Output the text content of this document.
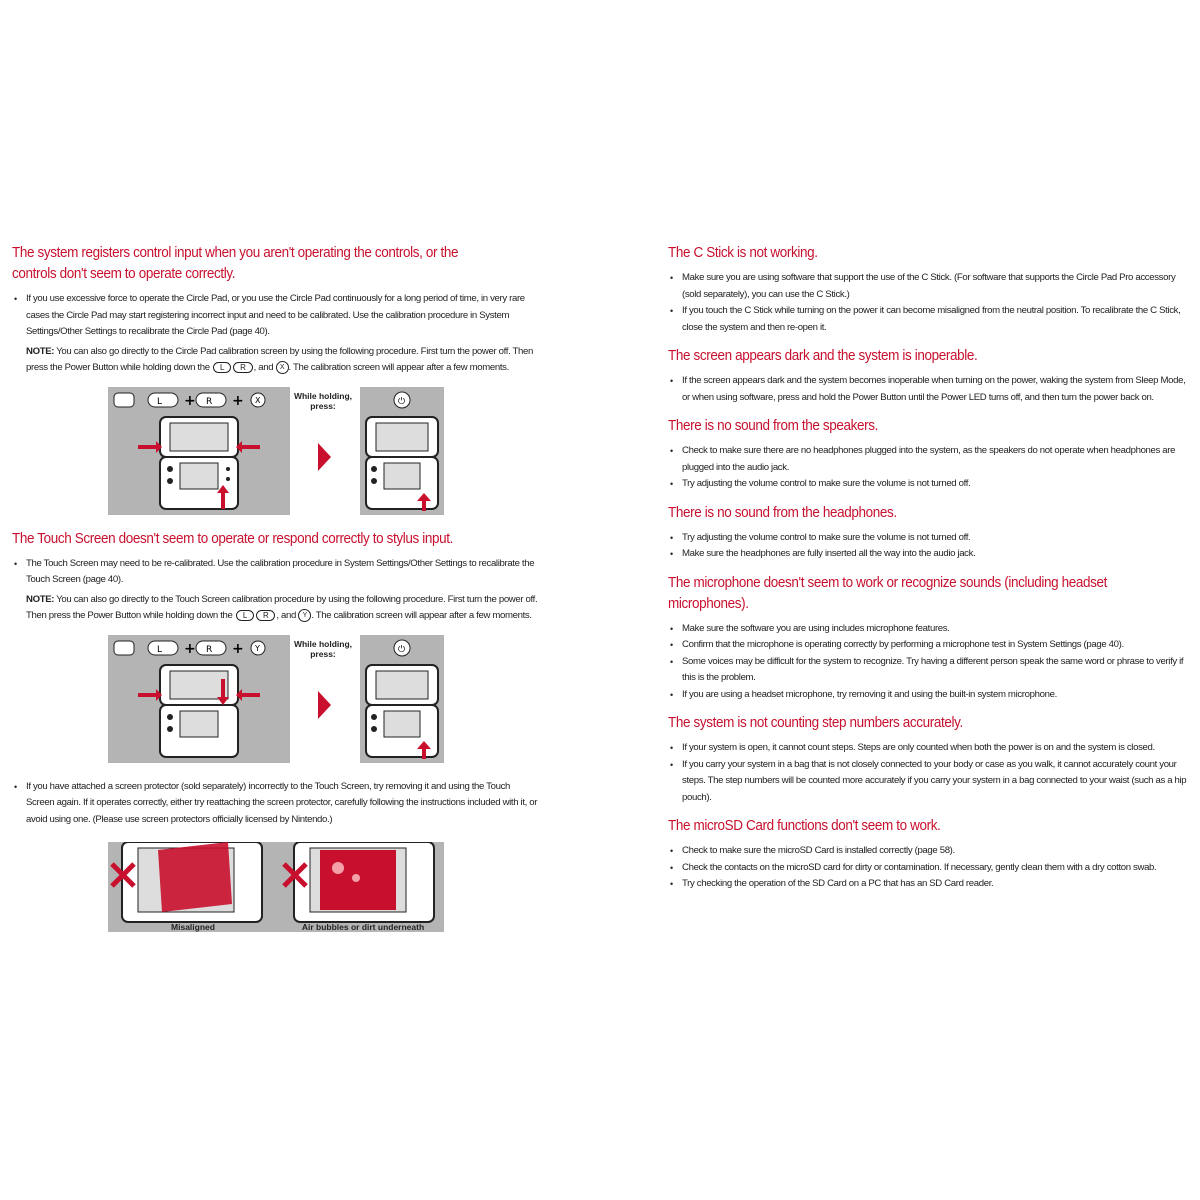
The system registers control input when you aren't operating the controls, or the controls don't seem to operate correctly.
• If you use excessive force to operate the Circle Pad, or you use the Circle Pad continuously for a long period of time, in very rare cases the Circle Pad may start registering incorrect input and need to be calibrated. Use the calibration procedure in System Settings/Other Settings to recalibrate the Circle Pad (page 40).
NOTE: You can also go directly to the Circle Pad calibration screen by using the following procedure. First turn the power off. Then press the Power Button while holding down the L R , and X . The calibration screen will appear after a few moments.
L + R + X	While holding, press:	⏻
The Touch Screen doesn't seem to operate or respond correctly to stylus input.
• The Touch Screen may need to be re-calibrated. Use the calibration procedure in System Settings/Other Settings to recalibrate the Touch Screen (page 40).
NOTE: You can also go directly to the Touch Screen calibration procedure by using the following procedure. First turn the power off. Then press the Power Button while holding down the L R , and Y . The calibration screen will appear after a few moments.
L + R + Y	While holding, press:	⏻
• If you have attached a screen protector (sold separately) incorrectly to the Touch Screen, try removing it and using the Touch Screen again. If it operates correctly, either try reattaching the screen protector, carefully following the instructions included with it, or avoid using one. (Please use screen protectors officially licensed by Nintendo.)
Misaligned	Air bubbles or dirt underneath
The C Stick is not working.
• Make sure you are using software that support the use of the C Stick. (For software that supports the Circle Pad Pro accessory (sold separately), you can use the C Stick.)
• If you touch the C Stick while turning on the power it can become misaligned from the neutral position. To recalibrate the C Stick, close the system and then re-open it.
The screen appears dark and the system is inoperable.
• If the screen appears dark and the system becomes inoperable when turning on the power, waking the system from Sleep Mode, or when using software, press and hold the Power Button until the Power LED turns off, and then turn the power back on.
There is no sound from the speakers.
• Check to make sure there are no headphones plugged into the system, as the speakers do not operate when headphones are plugged into the audio jack.
• Try adjusting the volume control to make sure the volume is not turned off.
There is no sound from the headphones.
• Try adjusting the volume control to make sure the volume is not turned off.
• Make sure the headphones are fully inserted all the way into the audio jack.
The microphone doesn't seem to work or recognize sounds (including headset microphones).
• Make sure the software you are using includes microphone features.
• Confirm that the microphone is operating correctly by performing a microphone test in System Settings (page 40).
• Some voices may be difficult for the system to recognize. Try having a different person speak the same word or phrase to verify if this is the problem.
• If you are using a headset microphone, try removing it and using the built-in system microphone.
The system is not counting step numbers accurately.
• If your system is open, it cannot count steps. Steps are only counted when both the power is on and the system is closed.
• If you carry your system in a bag that is not closely connected to your body or case as you walk, it cannot accurately count your steps. The step numbers will be counted more accurately if you carry your system in a bag connected to your waist (such as a hip pouch).
The microSD Card functions don't seem to work.
• Check to make sure the microSD Card is installed correctly (page 58).
• Check the contacts on the microSD card for dirty or contamination. If necessary, gently clean them with a dry cotton swab.
• Try checking the operation of the SD Card on a PC that has an SD Card reader.
